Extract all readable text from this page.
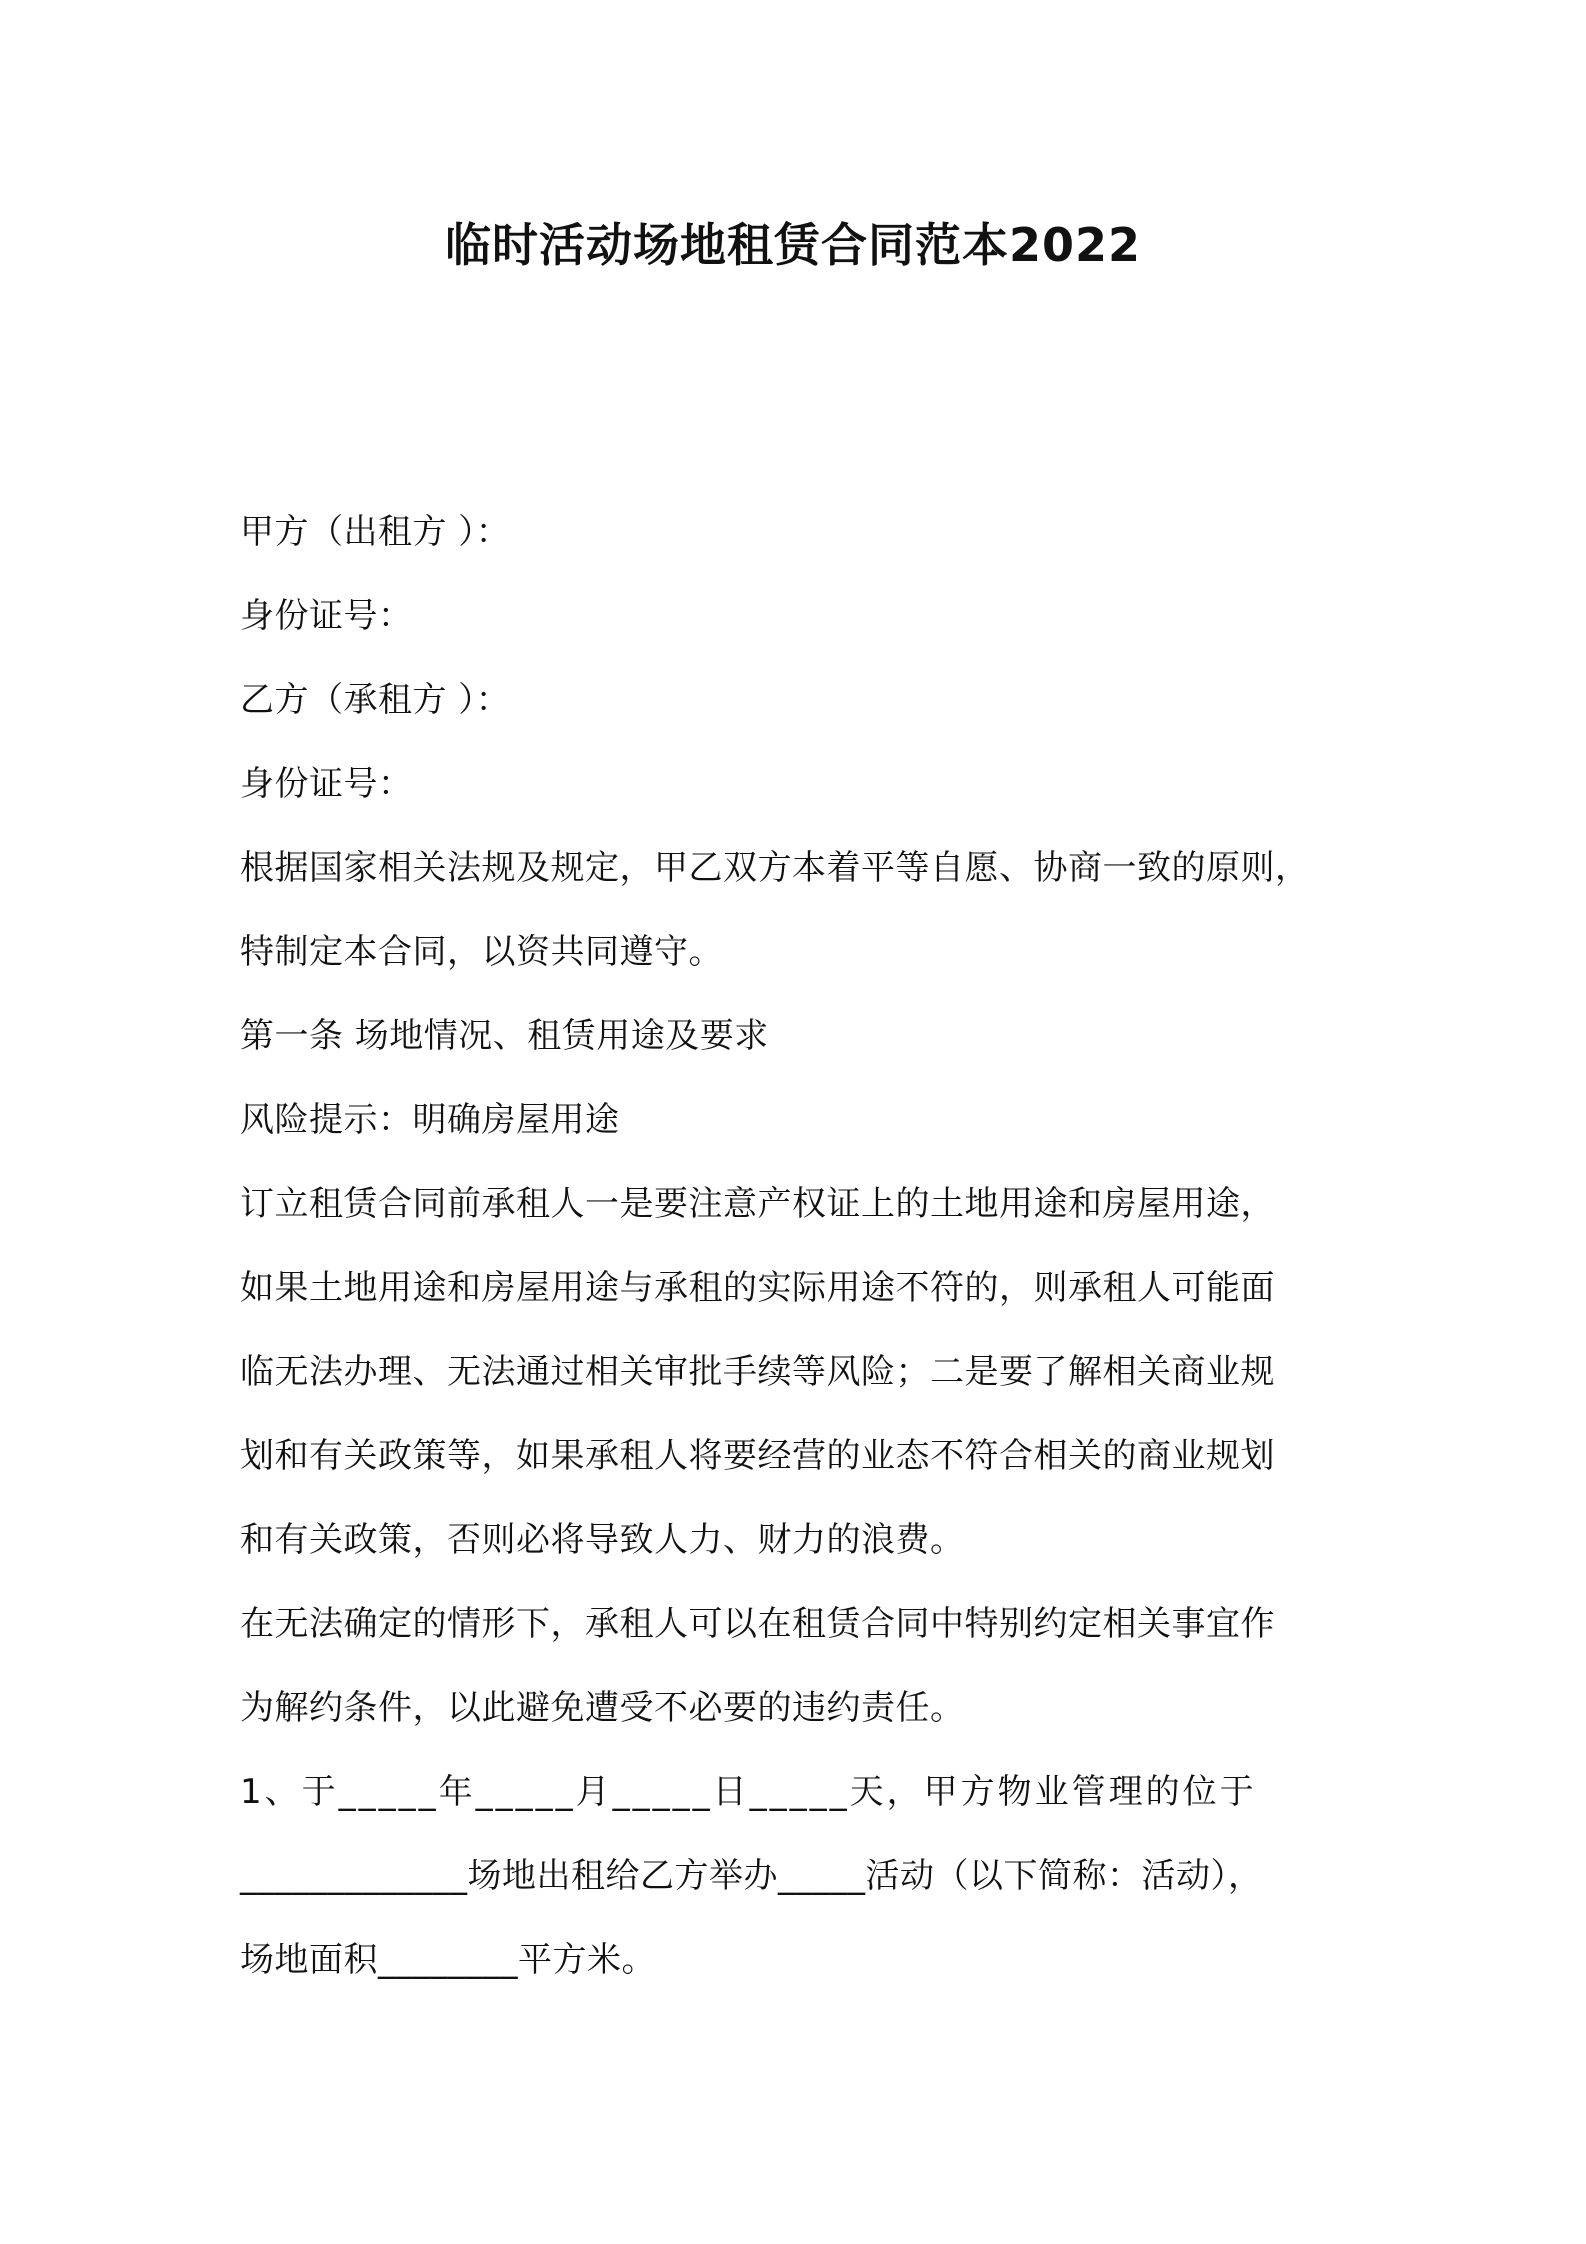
临时活动场地租赁合同范本2022

甲方（出租方 ）：

身份证号：

乙方（承租方 ）：

身份证号：

根据国家相关法规及规定，甲乙双方本着平等自愿、协商一致的原则，

特制定本合同，以资共同遵守。

第一条 场地情况、租赁用途及要求

风险提示：明确房屋用途

订立租赁合同前承租人一是要注意产权证上的土地用途和房屋用途，

如果土地用途和房屋用途与承租的实际用途不符的，则承租人可能面

临无法办理、无法通过相关审批手续等风险；二是要了解相关商业规

划和有关政策等，如果承租人将要经营的业态不符合相关的商业规划

和有关政策，否则必将导致人力、财力的浪费。

在无法确定的情形下，承租人可以在租赁合同中特别约定相关事宜作

为解约条件，以此避免遭受不必要的违约责任。

1、于_____年_____月_____日_____天，甲方物业管理的位于

_____________场地出租给乙方举办_____活动（以下简称：活动），

场地面积________平方米。
